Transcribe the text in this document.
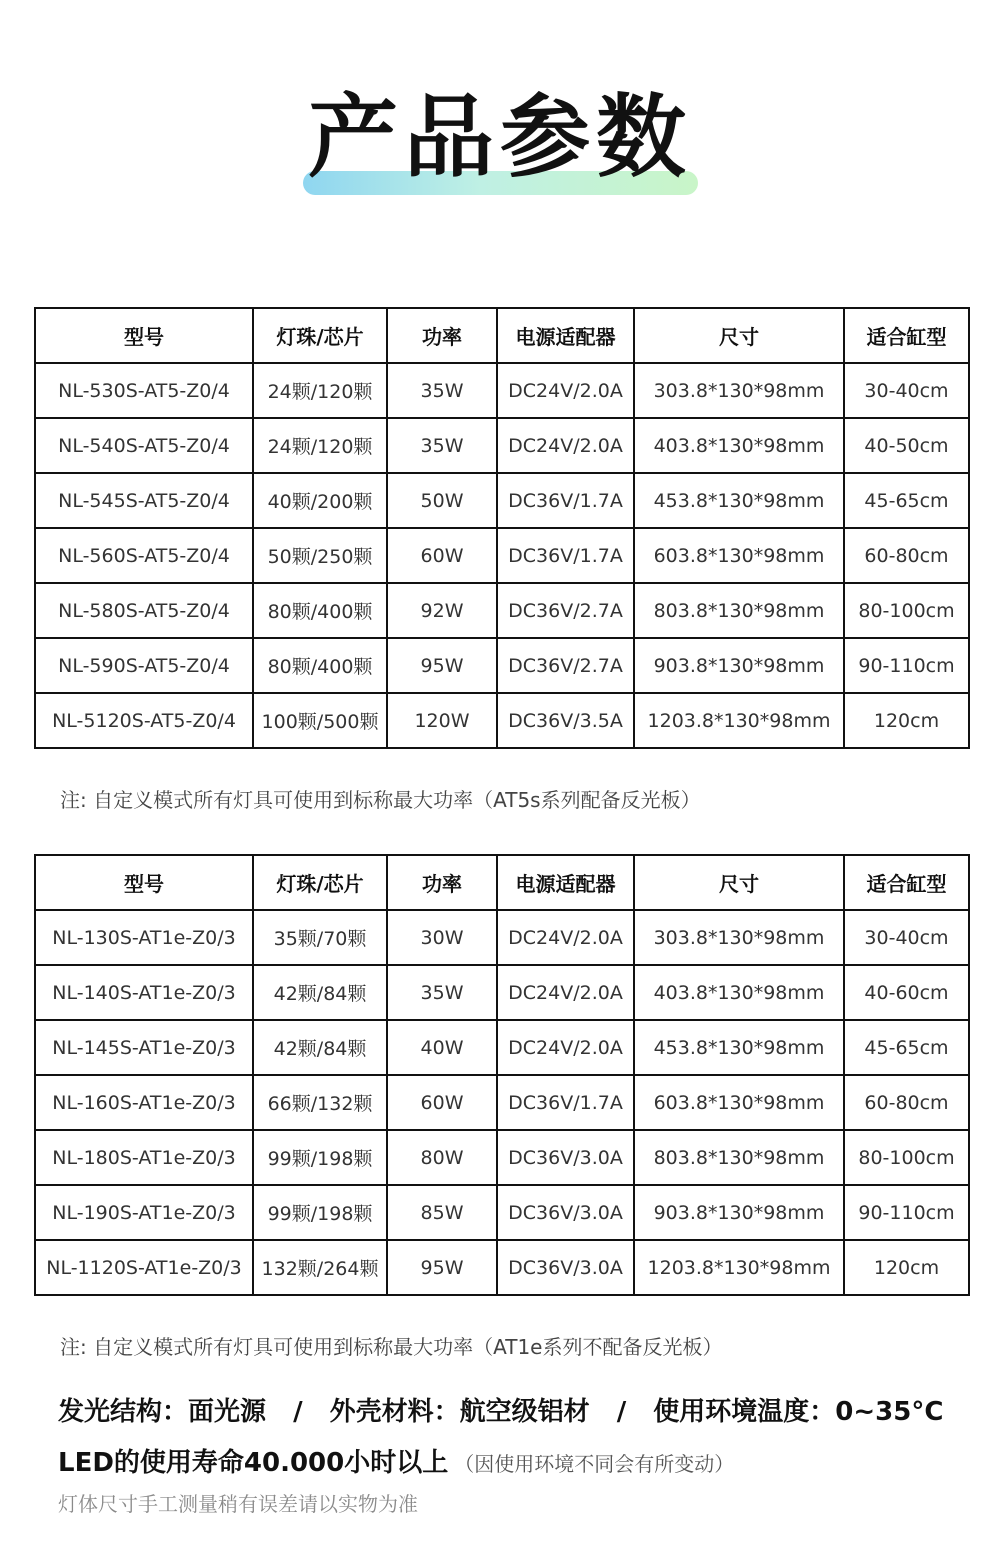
产品参数
型号	灯珠/芯片	功率	电源适配器	尺寸	适合缸型
NL-530S-AT5-Z0/4	24颗/120颗	35W	DC24V/2.0A	303.8*130*98mm	30-40cm
NL-540S-AT5-Z0/4	24颗/120颗	35W	DC24V/2.0A	403.8*130*98mm	40-50cm
NL-545S-AT5-Z0/4	40颗/200颗	50W	DC36V/1.7A	453.8*130*98mm	45-65cm
NL-560S-AT5-Z0/4	50颗/250颗	60W	DC36V/1.7A	603.8*130*98mm	60-80cm
NL-580S-AT5-Z0/4	80颗/400颗	92W	DC36V/2.7A	803.8*130*98mm	80-100cm
NL-590S-AT5-Z0/4	80颗/400颗	95W	DC36V/2.7A	903.8*130*98mm	90-110cm
NL-5120S-AT5-Z0/4	100颗/500颗	120W	DC36V/3.5A	1203.8*130*98mm	120cm
注: 自定义模式所有灯具可使用到标称最大功率（AT5s系列配备反光板）
型号	灯珠/芯片	功率	电源适配器	尺寸	适合缸型
NL-130S-AT1e-Z0/3	35颗/70颗	30W	DC24V/2.0A	303.8*130*98mm	30-40cm
NL-140S-AT1e-Z0/3	42颗/84颗	35W	DC24V/2.0A	403.8*130*98mm	40-60cm
NL-145S-AT1e-Z0/3	42颗/84颗	40W	DC24V/2.0A	453.8*130*98mm	45-65cm
NL-160S-AT1e-Z0/3	66颗/132颗	60W	DC36V/1.7A	603.8*130*98mm	60-80cm
NL-180S-AT1e-Z0/3	99颗/198颗	80W	DC36V/3.0A	803.8*130*98mm	80-100cm
NL-190S-AT1e-Z0/3	99颗/198颗	85W	DC36V/3.0A	903.8*130*98mm	90-110cm
NL-1120S-AT1e-Z0/3	132颗/264颗	95W	DC36V/3.0A	1203.8*130*98mm	120cm
注: 自定义模式所有灯具可使用到标称最大功率（AT1e系列不配备反光板）
发光结构：面光源 / 外壳材料：航空级铝材 / 使用环境温度：0~35°C
LED的使用寿命40.000小时以上 （因使用环境不同会有所变动）
灯体尺寸手工测量稍有误差请以实物为准
